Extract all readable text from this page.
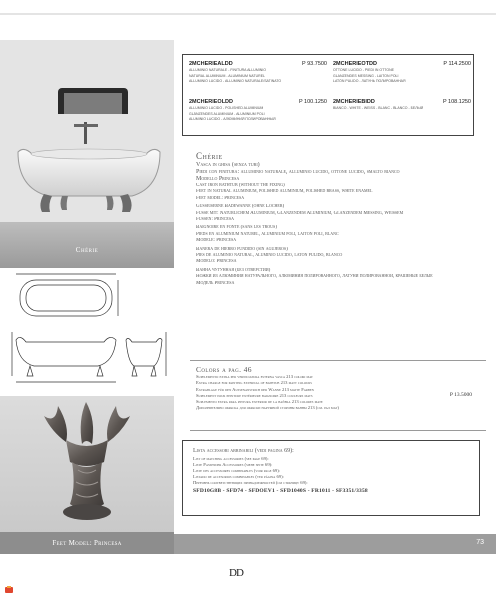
Chérie
Feet Model: Princesa
2MCHERIEALDD	P 93.7500
ALLUMINIO NATURALE - FINITURA ALLUMINIO
NATURAL ALUMINIUM - ALUMINIUM NATUREL
ALLUMINIO LUCIDO - ALLUMINIO NATURALE/SATINATO
2MCHERIEOTDD	P 114.2500
OTTONE LUCIDO - PIEDI IN OTTONE
GLANZENDES MESSING - LAITON POLI
LATÓN PULIDO - ЛАТУНЬ ПОЛИРОВАННАЯ
2MCHERIEOLDD	P 100.1250
ALLUMINIO LUCIDO - POLISHED ALUMINIUM
GLÄNZENDES ALUMINIUM - ALUMINIUM POLI
ALUMINIO LUCIDO - АЛЮМИНИЙ ПОЛИРОВАННЫЙ
2MCHERIEBIDD	P 108.1250
BIANCO - WHITE - WEISS - BLANC - BLANCO - БЕЛЫЙ
Chérie

Vasca in ghisa (senza tubi)

Piedi con finitura: alluminio naturale, alluminio lucido, ottone lucido, smalto bianco

Modello Princesa

Cast iron bathtub (without the fixing)

Feet in natural aluminium, polished aluminium, polished brass, white enamel

Feet model: Princesa

Gusseiserne Badewanne (ohne Löcher)

Füsse mit: Natürlichem Aluminium, Glanzendem Aluminium, Glanzendem Messing, Weissem

Füssen: Princesa

Baignoire en fonte (sans les trous)

Pieds en aluminium naturel, aluminium poli, laiton poli, blanc

Modèle: Princesa

Bañera de hierro fundido (sin agujeros)

Pies de aluminio natural, aluminio lucido, latón pulido, blanco

Modelo: Princesa

Ванна чугунная (без отверстий)

Ножки из алюминия натурального, алюминия полированного, латуни полированной, крашеные белые

Модель Princesa

Colors a pag. 46
Supplemento extra per verniciatura esterna vasca 213 colori mat
Extra charge for painting external of bathtub 213 matt colours
Extrablage für den Aussenanstrich der Wanne 213 matte Farben
Supplement pour peinture extérieure baignoire 213 couleurs mats
Suplemento extra para pintura exterior de la bañera 213 colores mate
Дополнительно окраска для окраски наружной стороны ванны 213 (см. рал мат)
P 13.5000
Lista accessori abbinabili (vedi pagina 69):
List of matching accessories (see page 69):
Liste Passender Accessoires (siehe seite 69):
Liste des accessoires combinables (voir page 69):
Listado de accesorios combinables (ver página 69):
Перечень соответствующих принадлежностей (см страницу 69):
SFD10G8B - SFD74 - SFDOEV1 - SFD1040S - FR1011 - SF3351/3358
73
DD
